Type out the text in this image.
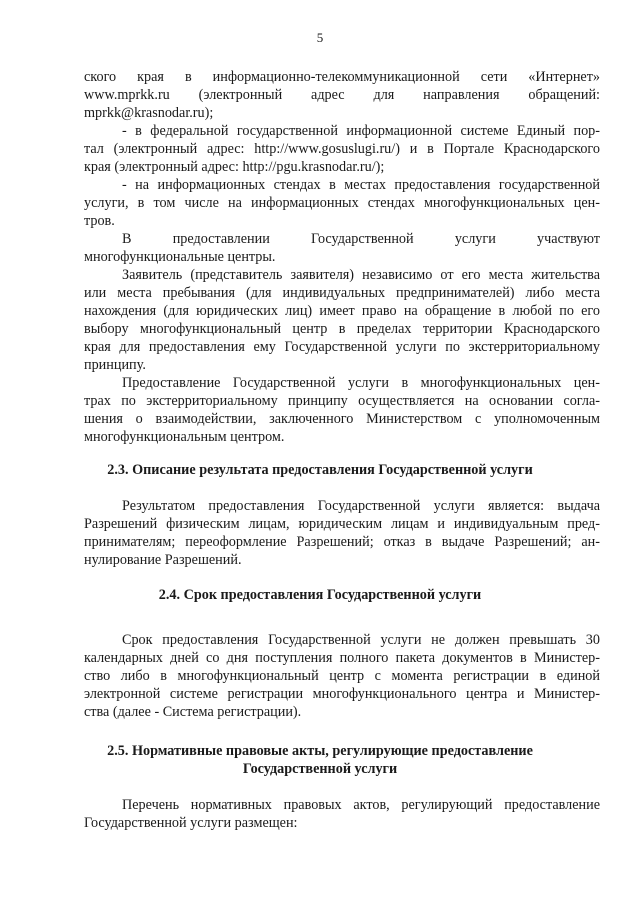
5
ского края в информационно-телекоммуникационной сети «Интернет»
www.mprkk.ru (электронный адрес для направления обращений:
mprkk@krasnodar.ru);
- в федеральной государственной информационной системе Единый пор-
тал (электронный адрес: http://www.gosuslugi.ru/) и в Портале Краснодарского
края (электронный адрес: http://pgu.krasnodar.ru/);
- на информационных стендах в местах предоставления государственной
услуги, в том числе на информационных стендах многофункциональных цен-
тров.
В предоставлении Государственной услуги участвуют
многофункциональные центры.
Заявитель (представитель заявителя) независимо от его места жительства
или места пребывания (для индивидуальных предпринимателей) либо места
нахождения (для юридических лиц) имеет право на обращение в любой по его
выбору многофункциональный центр в пределах территории Краснодарского
края для предоставления ему Государственной услуги по экстерриториальному
принципу.
Предоставление Государственной услуги в многофункциональных цен-
трах по экстерриториальному принципу осуществляется на основании согла-
шения о взаимодействии, заключенного Министерством с уполномоченным
многофункциональным центром.
2.3. Описание результата предоставления Государственной услуги
Результатом предоставления Государственной услуги является: выдача
Разрешений физическим лицам, юридическим лицам и индивидуальным пред-
принимателям; переоформление Разрешений; отказ в выдаче Разрешений; ан-
нулирование Разрешений.
2.4. Срок предоставления Государственной услуги
Срок предоставления Государственной услуги не должен превышать 30
календарных дней со дня поступления полного пакета документов в Министер-
ство либо в многофункциональный центр с момента регистрации в единой
электронной системе регистрации многофункционального центра и Министер-
ства (далее - Система регистрации).
2.5. Нормативные правовые акты, регулирующие предоставление
Государственной услуги
Перечень нормативных правовых актов, регулирующий предоставление
Государственной услуги размещен:
